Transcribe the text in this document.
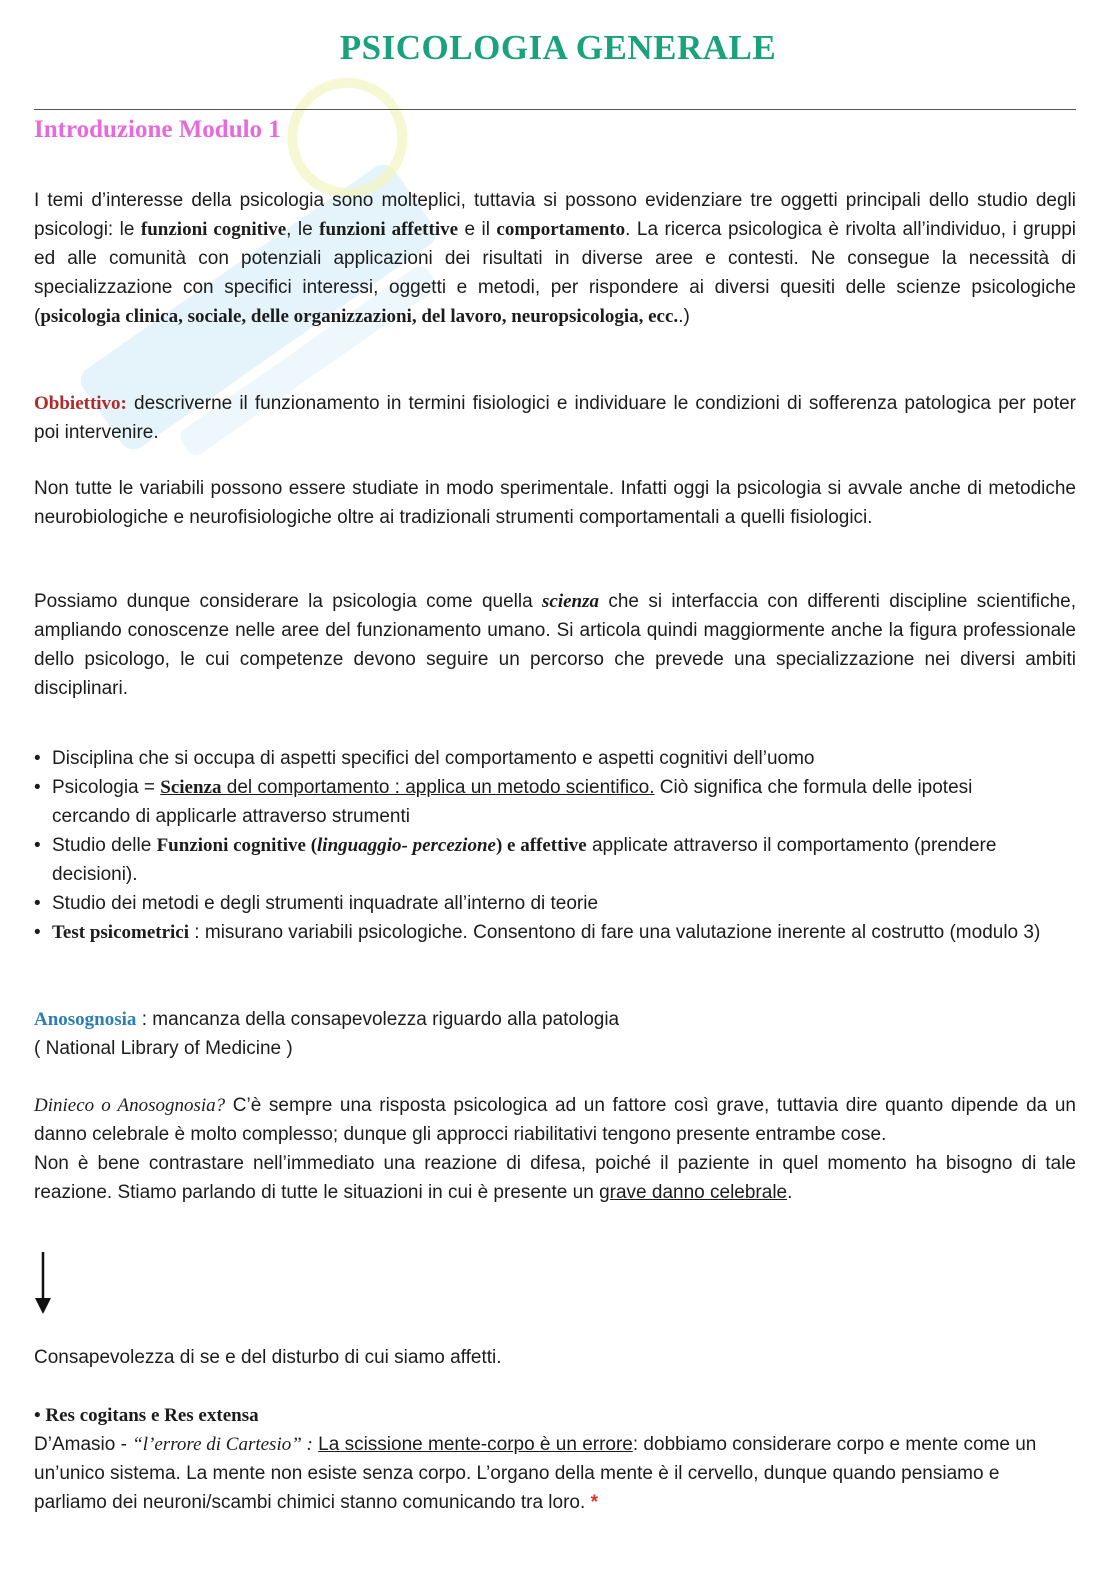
PSICOLOGIA GENERALE
Introduzione Modulo 1

I temi d’interesse della psicologia sono molteplici, tuttavia si possono evidenziare tre oggetti principali dello studio degli psicologi: le funzioni cognitive, le funzioni affettive e il comportamento. La ricerca psicologica è rivolta all’individuo, i gruppi ed alle comunità con potenziali applicazioni dei risultati in diverse aree e contesti. Ne consegue la necessità di specializzazione con specifici interessi, oggetti e metodi, per rispondere ai diversi quesiti delle scienze psicologiche (psicologia clinica, sociale, delle organizzazioni, del lavoro, neuropsicologia, ecc..)

Obbiettivo: descriverne il funzionamento in termini fisiologici e individuare le condizioni di sofferenza patologica per poter poi intervenire.

Non tutte le variabili possono essere studiate in modo sperimentale. Infatti oggi la psicologia si avvale anche di metodiche neurobiologiche e neurofisiologiche oltre ai tradizionali strumenti comportamentali a quelli fisiologici.

Possiamo dunque considerare la psicologia come quella scienza che si interfaccia con differenti discipline scientifiche, ampliando conoscenze nelle aree del funzionamento umano. Si articola quindi maggiormente anche la figura professionale dello psicologo, le cui competenze devono seguire un percorso che prevede una specializzazione nei diversi ambiti disciplinari.

• Disciplina che si occupa di aspetti specifici del comportamento e aspetti cognitivi dell’uomo
• Psicologia = Scienza del comportamento : applica un metodo scientifico. Ciò significa che formula delle ipotesi cercando di applicarle attraverso strumenti
• Studio delle Funzioni cognitive (linguaggio- percezione) e affettive applicate attraverso il comportamento (prendere decisioni).
• Studio dei metodi e degli strumenti inquadrate all’interno di teorie
• Test psicometrici : misurano variabili psicologiche. Consentono di fare una valutazione inerente al costrutto (modulo 3)

Anosognosia : mancanza della consapevolezza riguardo alla patologia
( National Library of Medicine )

Dinieco o Anosognosia? C’è sempre una risposta psicologica ad un fattore così grave, tuttavia dire quanto dipende da un danno celebrale è molto complesso; dunque gli approcci riabilitativi tengono presente entrambe cose.
Non è bene contrastare nell’immediato una reazione di difesa, poiché il paziente in quel momento ha bisogno di tale reazione. Stiamo parlando di tutte le situazioni in cui è presente un grave danno celebrale.

Consapevolezza di se e del disturbo di cui siamo affetti.

• Res cogitans e Res extensa
D’Amasio - “l’errore di Cartesio” : La scissione mente-corpo è un errore: dobbiamo considerare corpo e mente come un un’unico sistema. La mente non esiste senza corpo. L’organo della mente è il cervello, dunque quando pensiamo e parliamo dei neuroni/scambi chimici stanno comunicando tra loro. *
